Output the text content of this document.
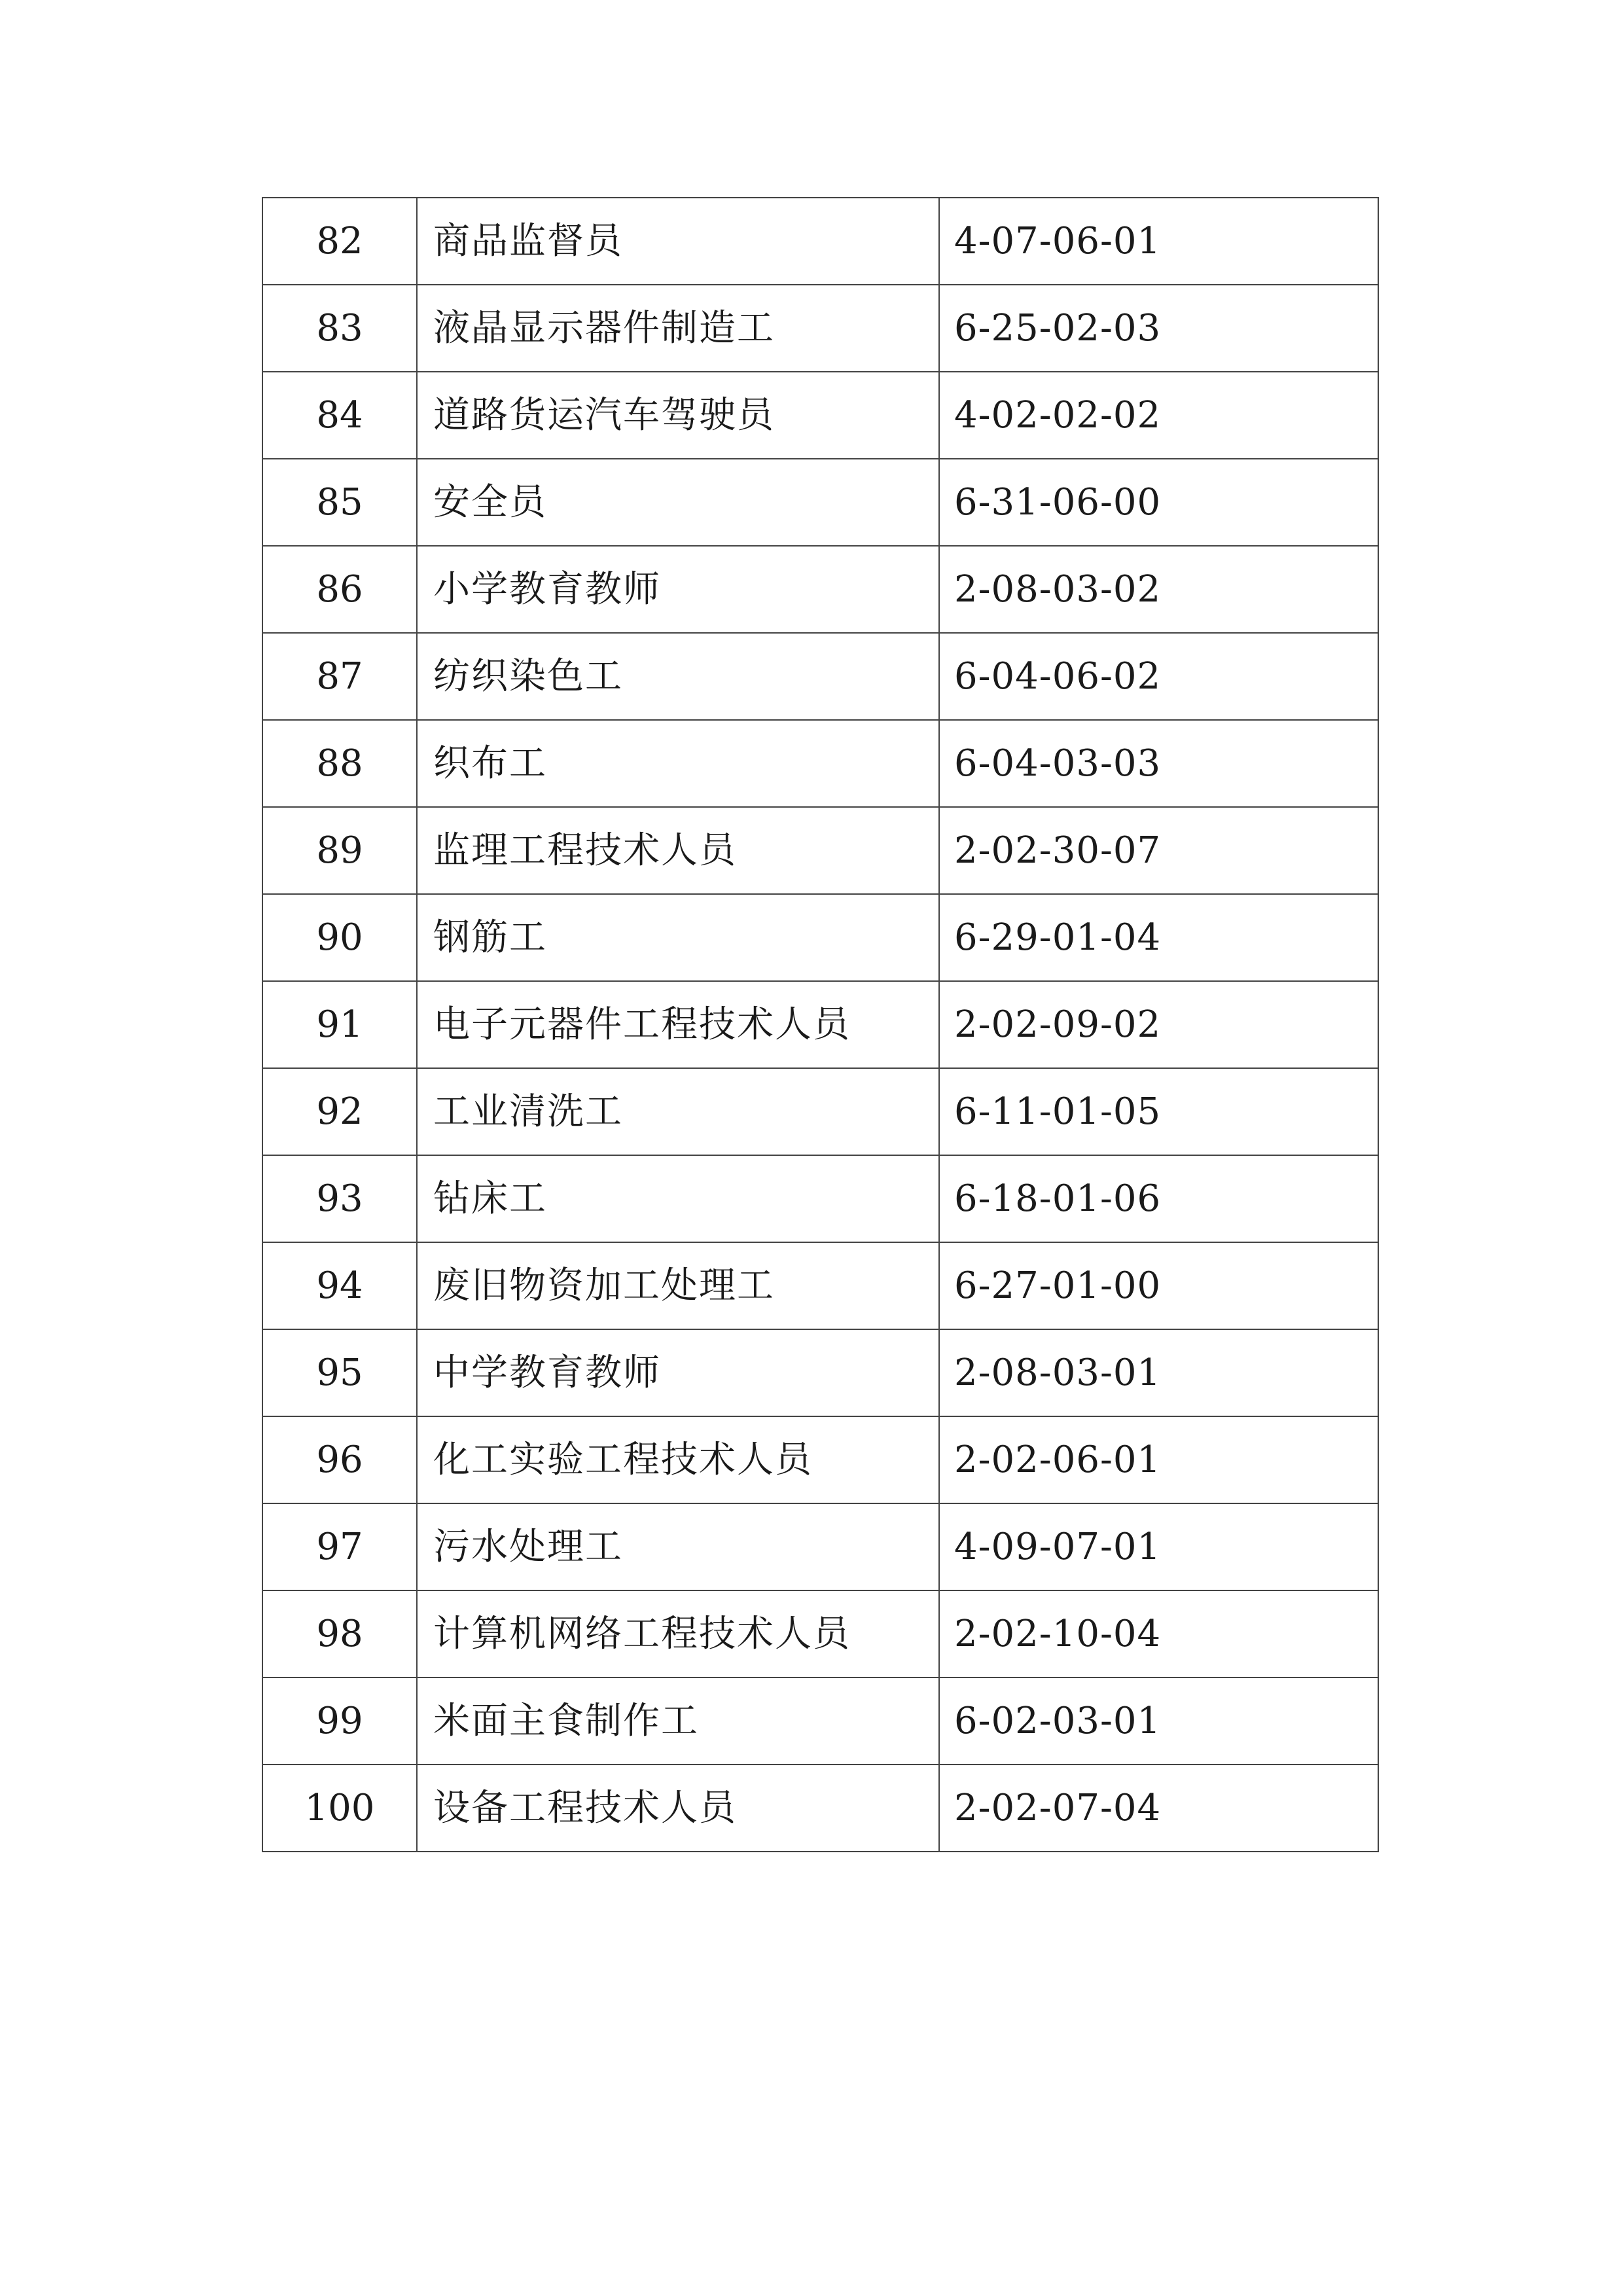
82	商品监督员	4-07-06-01
83	液晶显示器件制造工	6-25-02-03
84	道路货运汽车驾驶员	4-02-02-02
85	安全员	6-31-06-00
86	小学教育教师	2-08-03-02
87	纺织染色工	6-04-06-02
88	织布工	6-04-03-03
89	监理工程技术人员	2-02-30-07
90	钢筋工	6-29-01-04
91	电子元器件工程技术人员	2-02-09-02
92	工业清洗工	6-11-01-05
93	钻床工	6-18-01-06
94	废旧物资加工处理工	6-27-01-00
95	中学教育教师	2-08-03-01
96	化工实验工程技术人员	2-02-06-01
97	污水处理工	4-09-07-01
98	计算机网络工程技术人员	2-02-10-04
99	米面主食制作工	6-02-03-01
100	设备工程技术人员	2-02-07-04
